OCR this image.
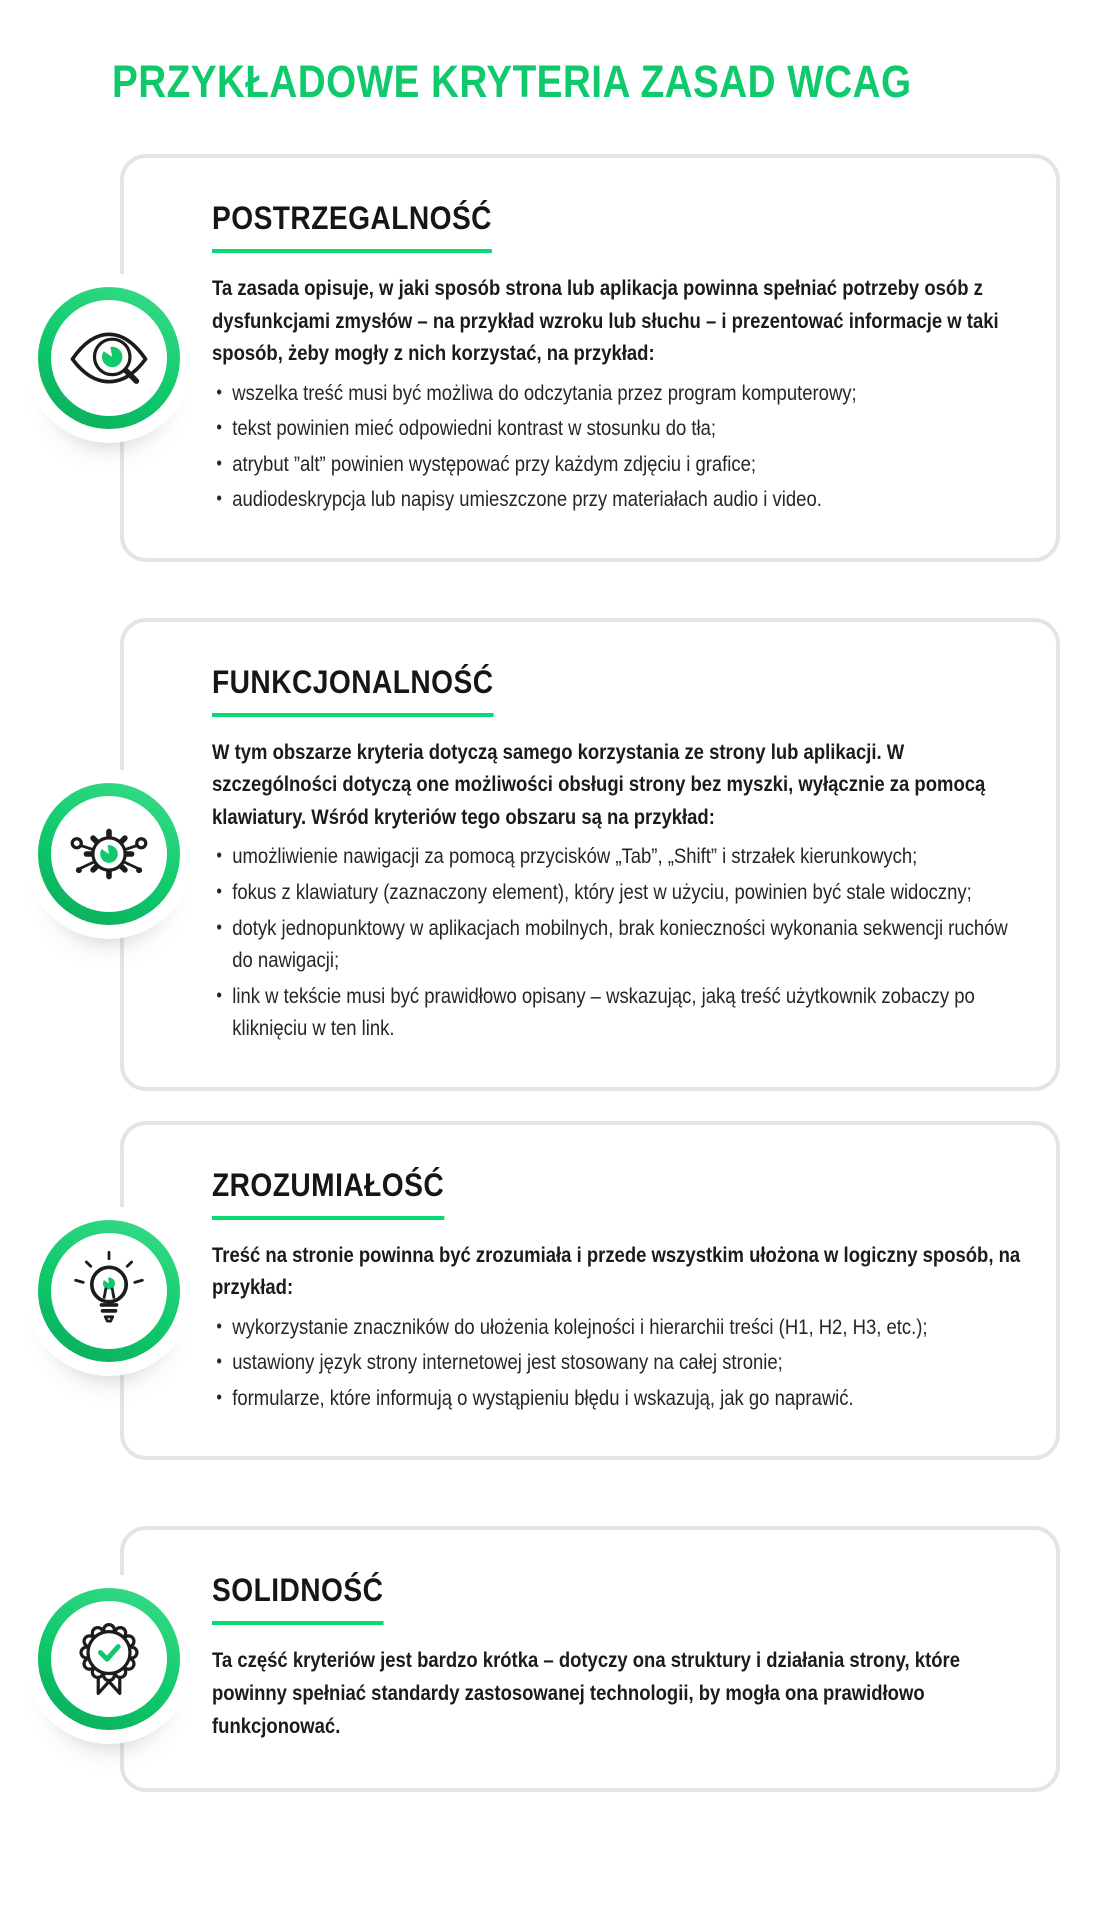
PRZYKŁADOWE KRYTERIA ZASAD WCAG
POSTRZEGALNOŚĆ

Ta zasada opisuje, w jaki sposób strona lub aplikacja powinna spełniać potrzeby osób z dysfunkcjami zmysłów – na przykład wzroku lub słuchu – i prezentować informacje w taki sposób, żeby mogły z nich korzystać, na przykład:

• wszelka treść musi być możliwa do odczytania przez program komputerowy;
• tekst powinien mieć odpowiedni kontrast w stosunku do tła;
• atrybut ”alt” powinien występować przy każdym zdjęciu i grafice;
• audiodeskrypcja lub napisy umieszczone przy materiałach audio i video.
FUNKCJONALNOŚĆ

W tym obszarze kryteria dotyczą samego korzystania ze strony lub aplikacji. W szczególności dotyczą one możliwości obsługi strony bez myszki, wyłącznie za pomocą klawiatury. Wśród kryteriów tego obszaru są na przykład:

• umożliwienie nawigacji za pomocą przycisków „Tab”, „Shift” i strzałek kierunkowych;
• fokus z klawiatury (zaznaczony element), który jest w użyciu, powinien być stale widoczny;
• dotyk jednopunktowy w aplikacjach mobilnych, brak konieczności wykonania sekwencji ruchów do nawigacji;
• link w tekście musi być prawidłowo opisany – wskazując, jaką treść użytkownik zobaczy po kliknięciu w ten link.
ZROZUMIAŁOŚĆ

Treść na stronie powinna być zrozumiała i przede wszystkim ułożona w logiczny sposób, na przykład:

• wykorzystanie znaczników do ułożenia kolejności i hierarchii treści (H1, H2, H3, etc.);
• ustawiony język strony internetowej jest stosowany na całej stronie;
• formularze, które informują o wystąpieniu błędu i wskazują, jak go naprawić.
SOLIDNOŚĆ

Ta część kryteriów jest bardzo krótka – dotyczy ona struktury i działania strony, które powinny spełniać standardy zastosowanej technologii, by mogła ona prawidłowo funkcjonować.
